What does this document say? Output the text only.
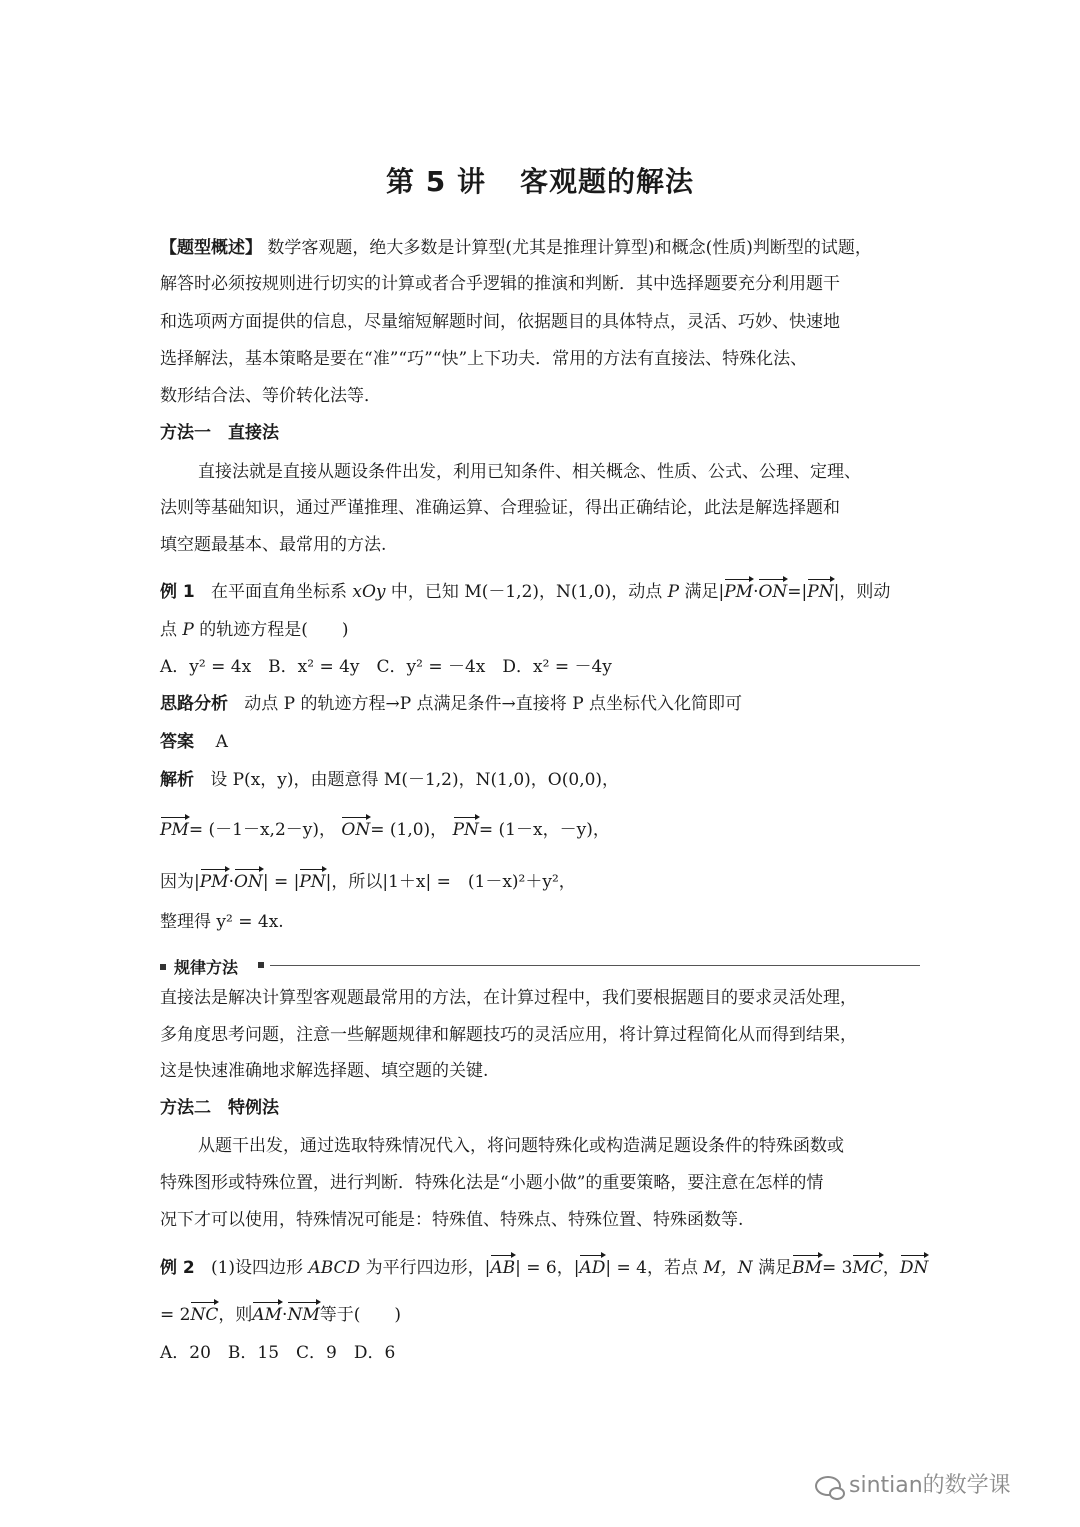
第 5 讲 客观题的解法
【题型概述】 数学客观题，绝大多数是计算型(尤其是推理计算型)和概念(性质)判断型的试题，
解答时必须按规则进行切实的计算或者合乎逻辑的推演和判断．其中选择题要充分利用题干
和选项两方面提供的信息，尽量缩短解题时间，依据题目的具体特点，灵活、巧妙、快速地
选择解法，基本策略是要在“准”“巧”“快”上下功夫．常用的方法有直接法、特殊化法、
数形结合法、等价转化法等．
方法一　直接法
直接法就是直接从题设条件出发，利用已知条件、相关概念、性质、公式、公理、定理、
法则等基础知识，通过严谨推理、准确运算、合理验证，得出正确结论，此法是解选择题和
填空题最基本、最常用的方法.
例 1 在平面直角坐标系 xOy 中，已知 M(－1,2)，N(1,0)，动点 P 满足|PM·ON=|PN|，则动
点 P 的轨迹方程是(　　)
A．y² = 4x　B．x² = 4y　C．y² = －4x　D．x² = －4y
思路分析 动点 P 的轨迹方程→P 点满足条件→直接将 P 点坐标代入化简即可
答案 A
解析 设 P(x，y)，由题意得 M(－1,2)，N(1,0)，O(0,0)，
PM= (－1－x,2－y)， ON= (1,0)， PN= (1－x，－y)，
因为|PM·ON| = |PN|，所以|1＋x| =　(1－x)²＋y²，
整理得 y² = 4x.
规律方法
直接法是解决计算型客观题最常用的方法，在计算过程中，我们要根据题目的要求灵活处理，
多角度思考问题，注意一些解题规律和解题技巧的灵活应用，将计算过程简化从而得到结果，
这是快速准确地求解选择题、填空题的关键.
方法二　特例法
从题干出发，通过选取特殊情况代入，将问题特殊化或构造满足题设条件的特殊函数或
特殊图形或特殊位置，进行判断．特殊化法是“小题小做”的重要策略，要注意在怎样的情
况下才可以使用，特殊情况可能是：特殊值、特殊点、特殊位置、特殊函数等.
例 2 (1)设四边形 ABCD 为平行四边形，|AB| = 6，|AD| = 4，若点 M，N 满足BM= 3MC，DN
= 2NC，则AM·NM等于(　　)
A．20　B．15　C．9　D．6
sintian的数学课
